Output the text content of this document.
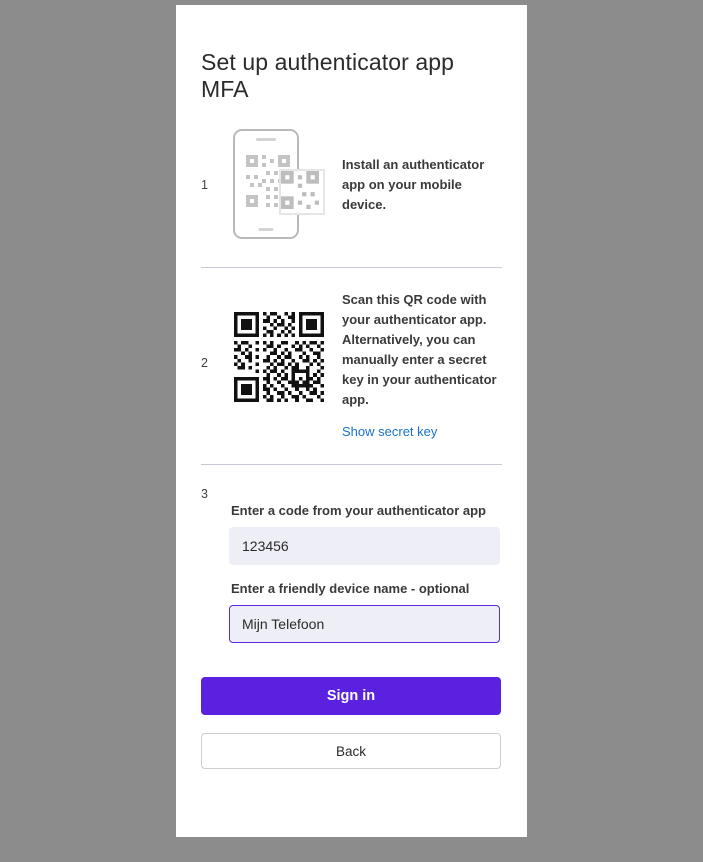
Set up authenticator app MFA
1
Install an authenticator app on your mobile device.
2
Scan this QR code with your authenticator app. Alternatively, you can manually enter a secret key in your authenticator app.
Show secret key
3
Enter a code from your authenticator app
123456
Enter a friendly device name - optional
Mijn Telefoon
Sign in
Back
